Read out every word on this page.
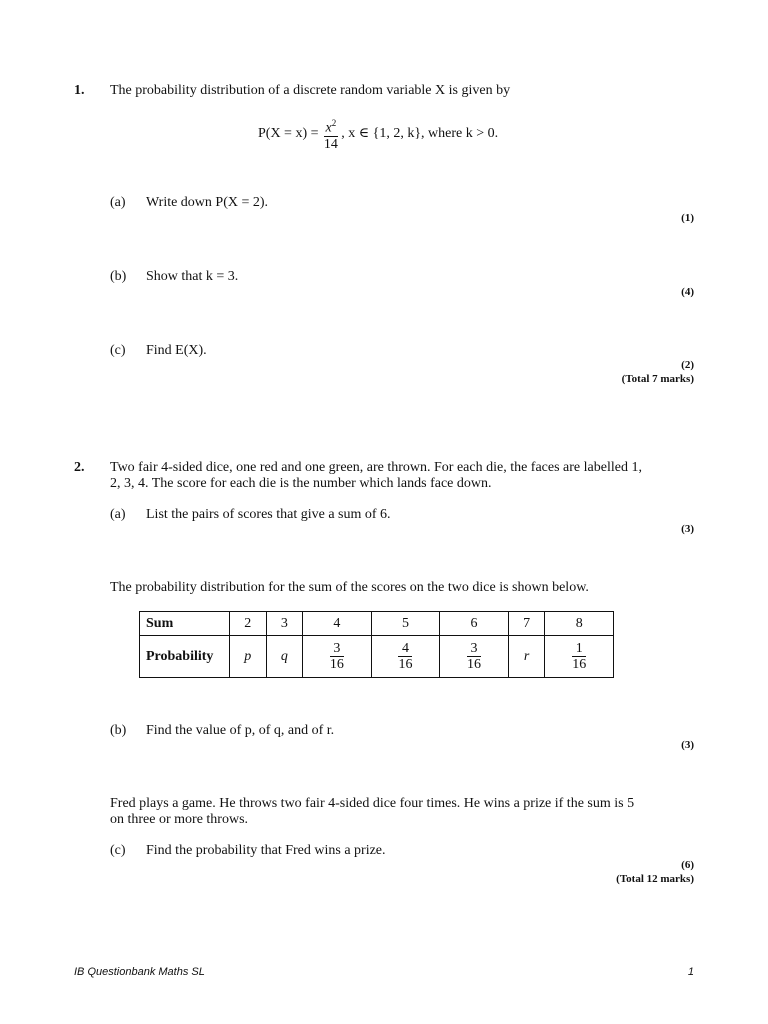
1. The probability distribution of a discrete random variable X is given by
$P(X = x) = \frac{x^2}{14}$ , x ∈ {1, 2, k}, where k > 0.
(a) Write down P(X = 2).
(1)
(b) Show that k = 3.
(4)
(c) Find E(X).
(2)
(Total 7 marks)
2. Two fair 4-sided dice, one red and one green, are thrown. For each die, the faces are labelled 1,
2, 3, 4. The score for each die is the number which lands face down.
(a) List the pairs of scores that give a sum of 6.
(3)
The probability distribution for the sum of the scores on the two dice is shown below.
Sum	2	3	4	5	6	7	8
Probability	p	q	$\frac{3}{16}$	$\frac{4}{16}$	$\frac{3}{16}$	r	$\frac{1}{16}$
(b) Find the value of p, of q, and of r.
(3)
Fred plays a game. He throws two fair 4-sided dice four times. He wins a prize if the sum is 5
on three or more throws.
(c) Find the probability that Fred wins a prize.
(6)
(Total 12 marks)
IB Questionbank Maths SL	1
